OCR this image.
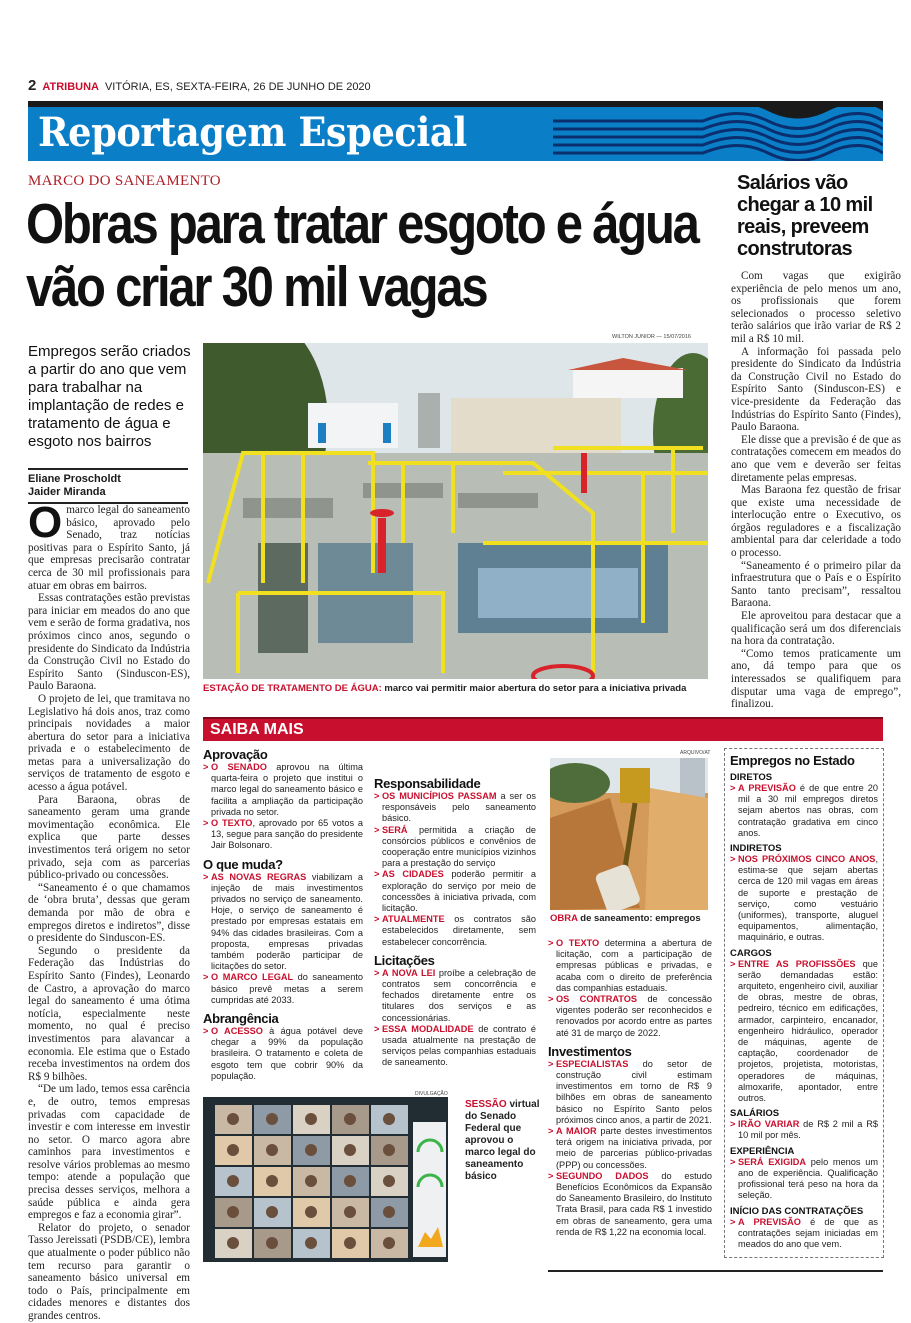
2 ATRIBUNA VITÓRIA, ES, SEXTA-FEIRA, 26 DE JUNHO DE 2020
Reportagem Especial
MARCO DO SANEAMENTO
Obras para tratar esgoto e água vão criar 30 mil vagas
Empregos serão criados a partir do ano que vem para trabalhar na implantação de redes e tratamento de água e esgoto nos bairros
Eliane Proscholdt
Jaider Miranda

Omarco legal do saneamento básico, aprovado pelo Senado, traz notícias positivas para o Espírito Santo, já que empresas precisarão contratar cerca de 30 mil profissionais para atuar em obras em bairros.

Essas contratações estão previstas para iniciar em meados do ano que vem e serão de forma gradativa, nos próximos cinco anos, segundo o presidente do Sindicato da Indústria da Construção Civil no Estado do Espírito Santo (Sinduscon-ES), Paulo Baraona.

O projeto de lei, que tramitava no Legislativo há dois anos, traz como principais novidades a maior abertura do setor para a iniciativa privada e o estabelecimento de metas para a universalização do serviços de tratamento de esgoto e acesso a água potável.

Para Baraona, obras de saneamento geram uma grande movimentação econômica. Ele explica que parte desses investimentos terá origem no setor privado, seja com as parcerias público-privado ou concessões.

“Saneamento é o que chamamos de ‘obra bruta’, dessas que geram demanda por mão de obra e empregos diretos e indiretos”, disse o presidente do Sinduscon-ES.

Segundo o presidente da Federação das Indústrias do Espírito Santo (Findes), Leonardo de Castro, a aprovação do marco legal do saneamento é uma ótima notícia, especialmente neste momento, no qual é preciso investimentos para alavancar a economia. Ele estima que o Estado receba investimentos na ordem dos R$ 9 bilhões.

“De um lado, temos essa carência e, de outro, temos empresas privadas com capacidade de investir e com interesse em investir no setor. O marco agora abre caminhos para investimentos e resolve vários problemas ao mesmo tempo: atende a população que precisa desses serviços, melhora a saúde pública e ainda gera empregos e faz a economia girar”.

Relator do projeto, o senador Tasso Jereissati (PSDB/CE), lembra que atualmente o poder público não tem recurso para garantir o saneamento básico universal em todo o País, principalmente em cidades menores e distantes dos grandes centros.

WILTON JUNIOR — 15/07/2016
ESTAÇÃO DE TRATAMENTO DE ÁGUA: marco vai permitir maior abertura do setor para a iniciativa privada
Salários vão chegar a 10 mil reais, preveem construtoras

Com vagas que exigirão experiência de pelo menos um ano, os profissionais que forem selecionados o processo seletivo terão salários que irão variar de R$ 2 mil a R$ 10 mil.

A informação foi passada pelo presidente do Sindicato da Indústria da Construção Civil no Estado do Espírito Santo (Sinduscon-ES) e vice-presidente da Federação das Indústrias do Espírito Santo (Findes), Paulo Baraona.

Ele disse que a previsão é de que as contratações comecem em meados do ano que vem e deverão ser feitas diretamente pelas empresas.

Mas Baraona fez questão de frisar que existe uma necessidade de interlocução entre o Executivo, os órgãos reguladores e a fiscalização ambiental para dar celeridade a todo o processo.

“Saneamento é o primeiro pilar da infraestrutura que o País e o Espírito Santo tanto precisam”, ressaltou Baraona.

Ele aproveitou para destacar que a qualificação será um dos diferenciais na hora da contratação.

“Como temos praticamente um ano, dá tempo para que os interessados se qualifiquem para disputar uma vaga de emprego”, finalizou.

SAIBA MAIS
Aprovação
> O SENADO aprovou na última quarta-feira o projeto que institui o marco legal do saneamento básico e facilita a ampliação da participação privada no setor.
> O TEXTO, aprovado por 65 votos a 13, segue para sanção do presidente Jair Bolsonaro.
O que muda?
> AS NOVAS REGRAS viabilizam a injeção de mais investimentos privados no serviço de saneamento. Hoje, o serviço de saneamento é prestado por empresas estatais em 94% das cidades brasileiras. Com a proposta, empresas privadas também poderão participar de licitações do setor.
> O MARCO LEGAL do saneamento básico prevê metas a serem cumpridas até 2033.
Abrangência
> O ACESSO à água potável deve chegar a 99% da população brasileira. O tratamento e coleta de esgoto tem que cobrir 90% da população.
Responsabilidade
> OS MUNICÍPIOS PASSAM a ser os responsáveis pelo saneamento básico.
> SERÁ permitida a criação de consórcios públicos e convênios de cooperação entre municípios vizinhos para a prestação do serviço
> AS CIDADES poderão permitir a exploração do serviço por meio de concessões à iniciativa privada, com licitação.
> ATUALMENTE os contratos são estabelecidos diretamente, sem estabelecer concorrência.
Licitações
> A NOVA LEI proíbe a celebração de contratos sem concorrência e fechados diretamente entre os titulares dos serviços e as concessionárias.
> ESSA MODALIDADE de contrato é usada atualmente na prestação de serviços pelas companhias estaduais de saneamento.
ARQUIVO/AT
OBRA de saneamento: empregos
> O TEXTO determina a abertura de licitação, com a participação de empresas públicas e privadas, e acaba com o direito de preferência das companhias estaduais.
> OS CONTRATOS de concessão vigentes poderão ser reconhecidos e renovados por acordo entre as partes até 31 de março de 2022.
Investimentos
> ESPECIALISTAS do setor de construção civil estimam investimentos em torno de R$ 9 bilhões em obras de saneamento básico no Espírito Santo pelos próximos cinco anos, a partir de 2021.
> A MAIOR parte destes investimentos terá origem na iniciativa privada, por meio de parcerias público-privadas (PPP) ou concessões.
> SEGUNDO DADOS do estudo Benefícios Econômicos da Expansão do Saneamento Brasileiro, do Instituto Trata Brasil, para cada R$ 1 investido em obras de saneamento, gera uma renda de R$ 1,22 na economia local.
DIVULGAÇÃO
SESSÃO virtual do Senado Federal que aprovou o marco legal do saneamento básico
Empregos no Estado
DIRETOS
> A PREVISÃO é de que entre 20 mil a 30 mil empregos diretos sejam abertos nas obras, com contratação gradativa em cinco anos.
INDIRETOS
> NOS PRÓXIMOS CINCO ANOS, estima-se que sejam abertas cerca de 120 mil vagas em áreas de suporte e prestação de serviço, como vestuário (uniformes), transporte, aluguel equipamentos, alimentação, maquinário, e outras.
CARGOS
> ENTRE AS PROFISSÕES que serão demandadas estão: arquiteto, engenheiro civil, auxiliar de obras, mestre de obras, pedreiro, técnico em edificações, armador, carpinteiro, encanador, engenheiro hidráulico, operador de máquinas, agente de captação, coordenador de projetos, projetista, motoristas, operadores de máquinas, almoxarife, apontador, entre outros.
SALÁRIOS
> IRÃO VARIAR de R$ 2 mil a R$ 10 mil por mês.
EXPERIÊNCIA
> SERÁ EXIGIDA pelo menos um ano de experiência. Qualificação profissional terá peso na hora da seleção.
INÍCIO DAS CONTRATAÇÕES
> A PREVISÃO é de que as contratações sejam iniciadas em meados do ano que vem.
